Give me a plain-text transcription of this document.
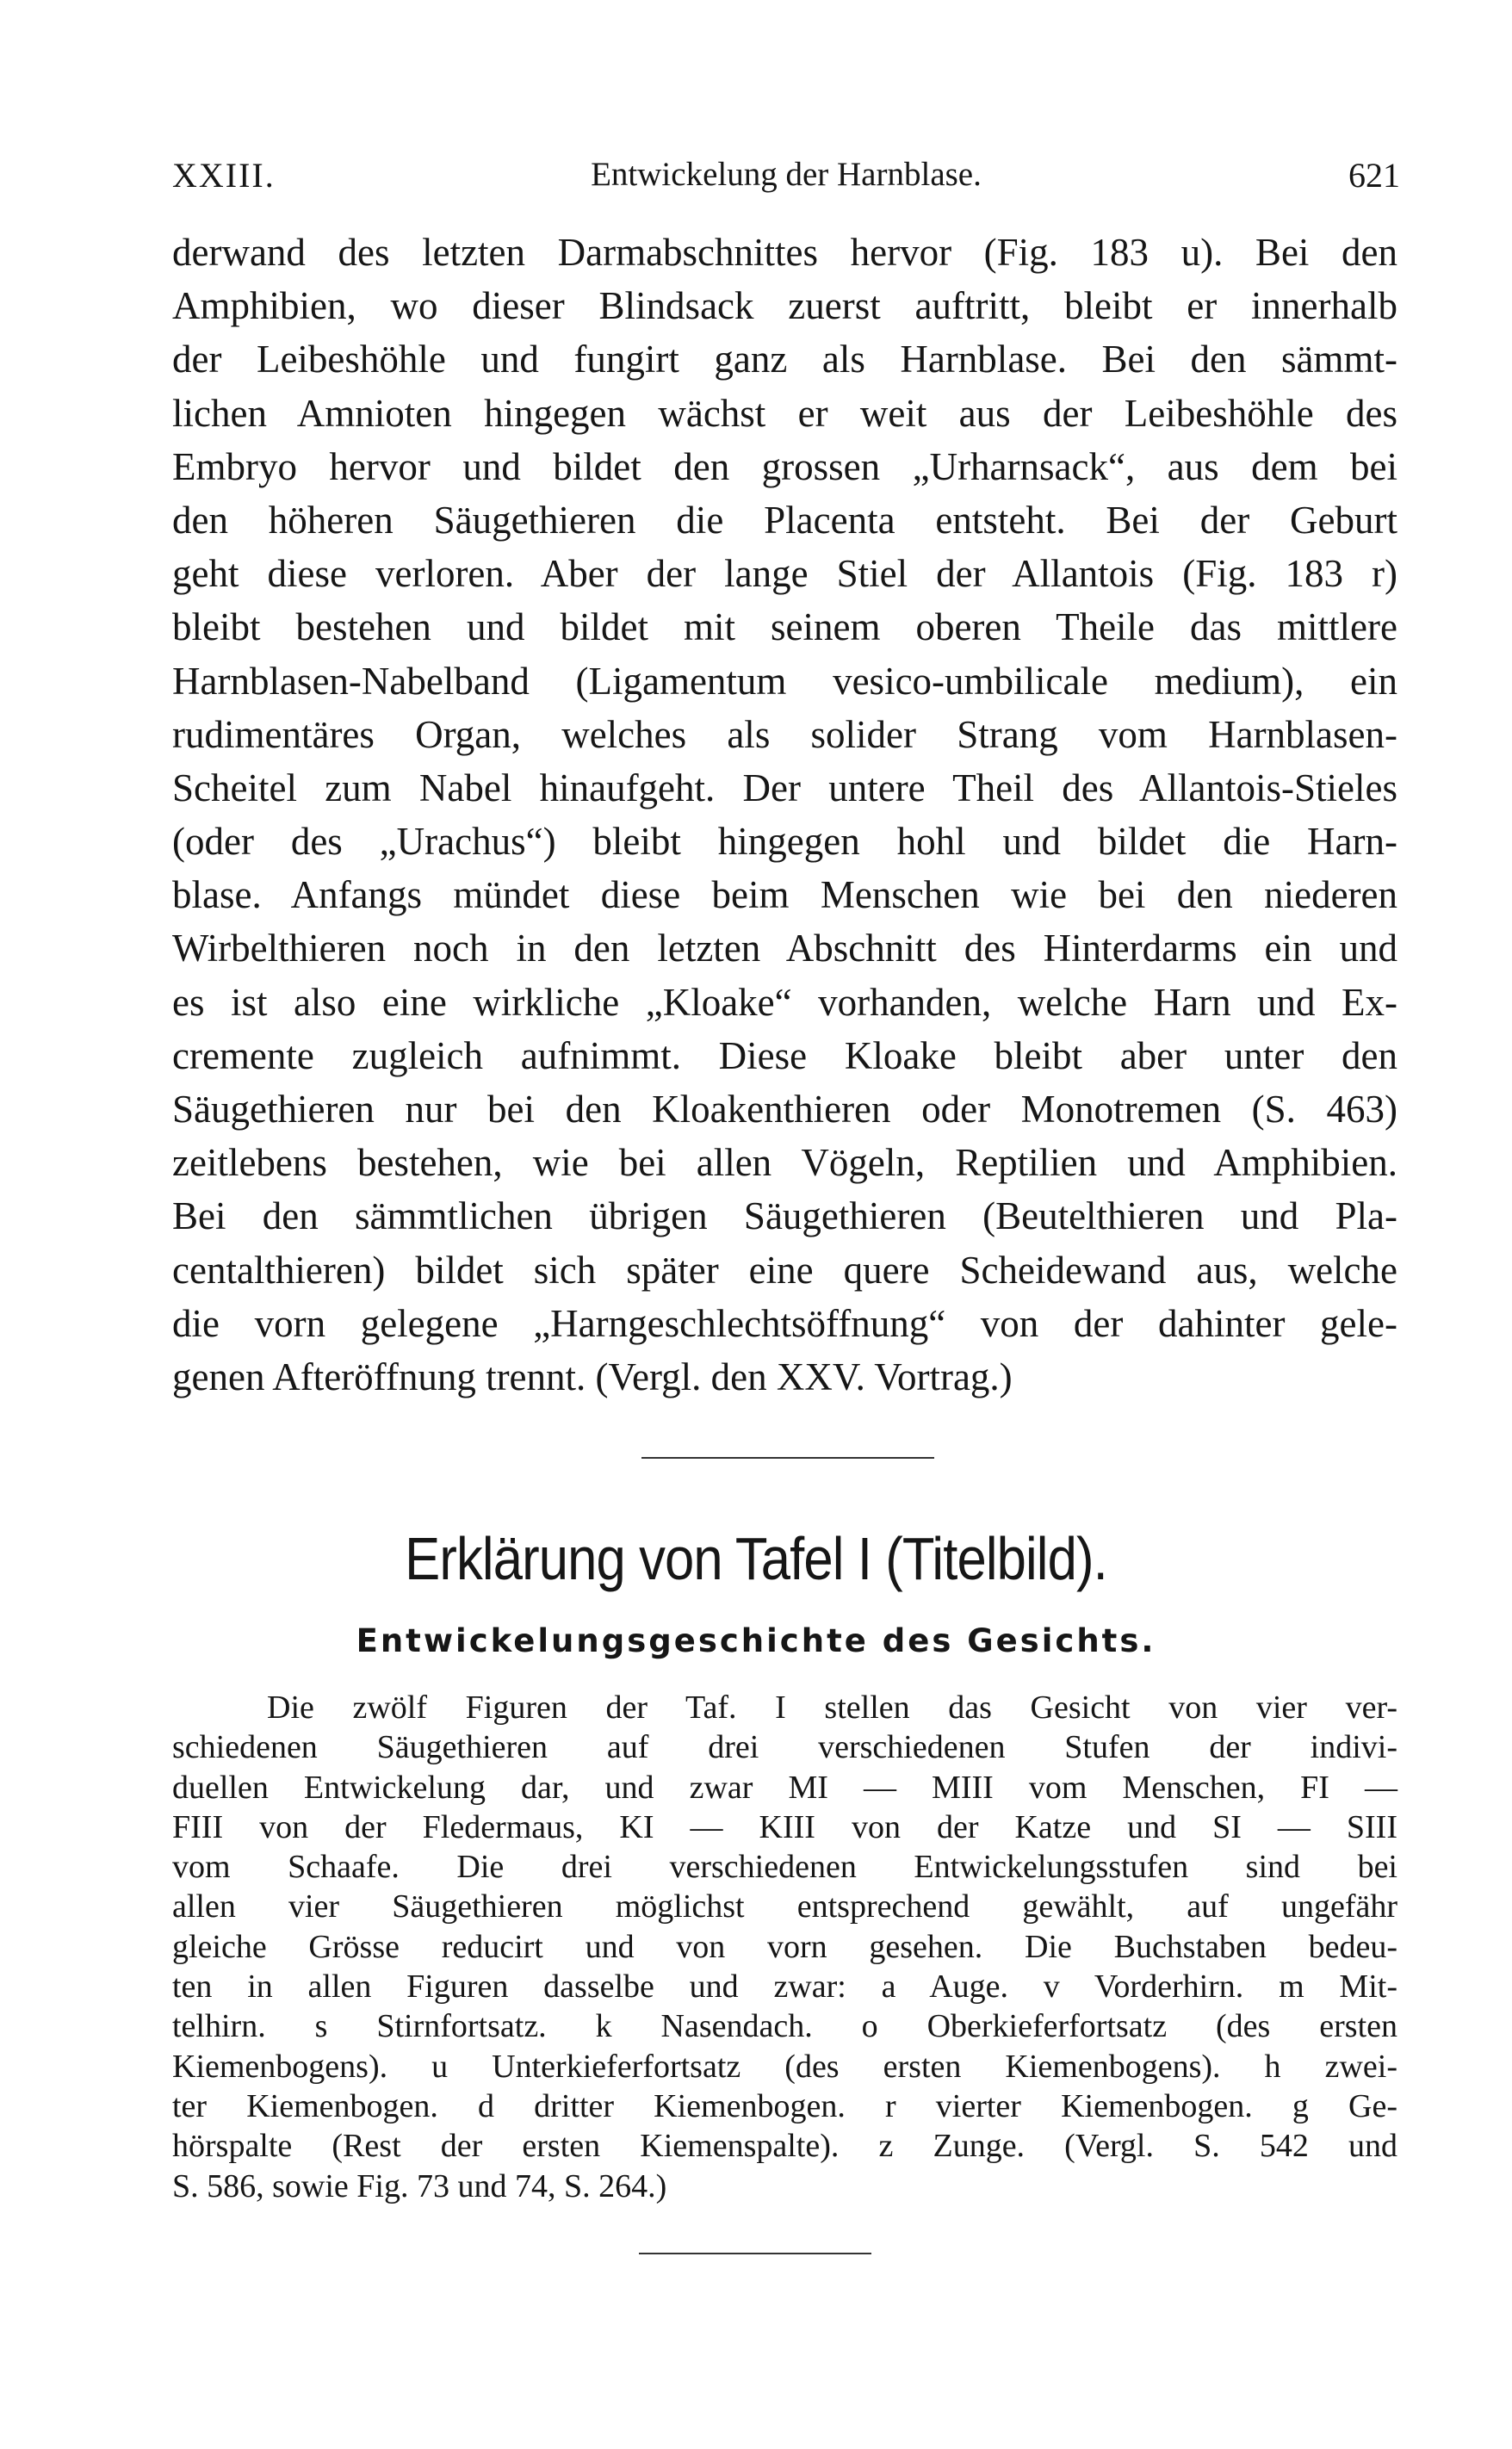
XXIII.	Entwickelung der Harnblase.	621
derwand des letzten Darmabschnittes hervor (Fig. 183 u). Bei den
Amphibien, wo dieser Blindsack zuerst auftritt, bleibt er innerhalb
der Leibeshöhle und fungirt ganz als Harnblase. Bei den sämmt-
lichen Amnioten hingegen wächst er weit aus der Leibeshöhle des
Embryo hervor und bildet den grossen „Urharnsack“, aus dem bei
den höheren Säugethieren die Placenta entsteht. Bei der Geburt
geht diese verloren. Aber der lange Stiel der Allantois (Fig. 183 r)
bleibt bestehen und bildet mit seinem oberen Theile das mittlere
Harnblasen-Nabelband (Ligamentum vesico-umbilicale medium), ein
rudimentäres Organ, welches als solider Strang vom Harnblasen-
Scheitel zum Nabel hinaufgeht. Der untere Theil des Allantois-Stieles
(oder des „Urachus“) bleibt hingegen hohl und bildet die Harn-
blase. Anfangs mündet diese beim Menschen wie bei den niederen
Wirbelthieren noch in den letzten Abschnitt des Hinterdarms ein und
es ist also eine wirkliche „Kloake“ vorhanden, welche Harn und Ex-
cremente zugleich aufnimmt. Diese Kloake bleibt aber unter den
Säugethieren nur bei den Kloakenthieren oder Monotremen (S. 463)
zeitlebens bestehen, wie bei allen Vögeln, Reptilien und Amphibien.
Bei den sämmtlichen übrigen Säugethieren (Beutelthieren und Pla-
centalthieren) bildet sich später eine quere Scheidewand aus, welche
die vorn gelegene „Harngeschlechtsöffnung“ von der dahinter gele-
genen Afteröffnung trennt. (Vergl. den XXV. Vortrag.)
Erklärung von Tafel I (Titelbild).
Entwickelungsgeschichte des Gesichts.
Die zwölf Figuren der Taf. I stellen das Gesicht von vier ver-
schiedenen Säugethieren auf drei verschiedenen Stufen der indivi-
duellen Entwickelung dar, und zwar MI — MIII vom Menschen, FI —
FIII von der Fledermaus, KI — KIII von der Katze und SI — SIII
vom Schaafe. Die drei verschiedenen Entwickelungsstufen sind bei
allen vier Säugethieren möglichst entsprechend gewählt, auf ungefähr
gleiche Grösse reducirt und von vorn gesehen. Die Buchstaben bedeu-
ten in allen Figuren dasselbe und zwar: a Auge. v Vorderhirn. m Mit-
telhirn. s Stirnfortsatz. k Nasendach. o Oberkieferfortsatz (des ersten
Kiemenbogens). u Unterkieferfortsatz (des ersten Kiemenbogens). h zwei-
ter Kiemenbogen. d dritter Kiemenbogen. r vierter Kiemenbogen. g Ge-
hörspalte (Rest der ersten Kiemenspalte). z Zunge. (Vergl. S. 542 und
S. 586, sowie Fig. 73 und 74, S. 264.)
